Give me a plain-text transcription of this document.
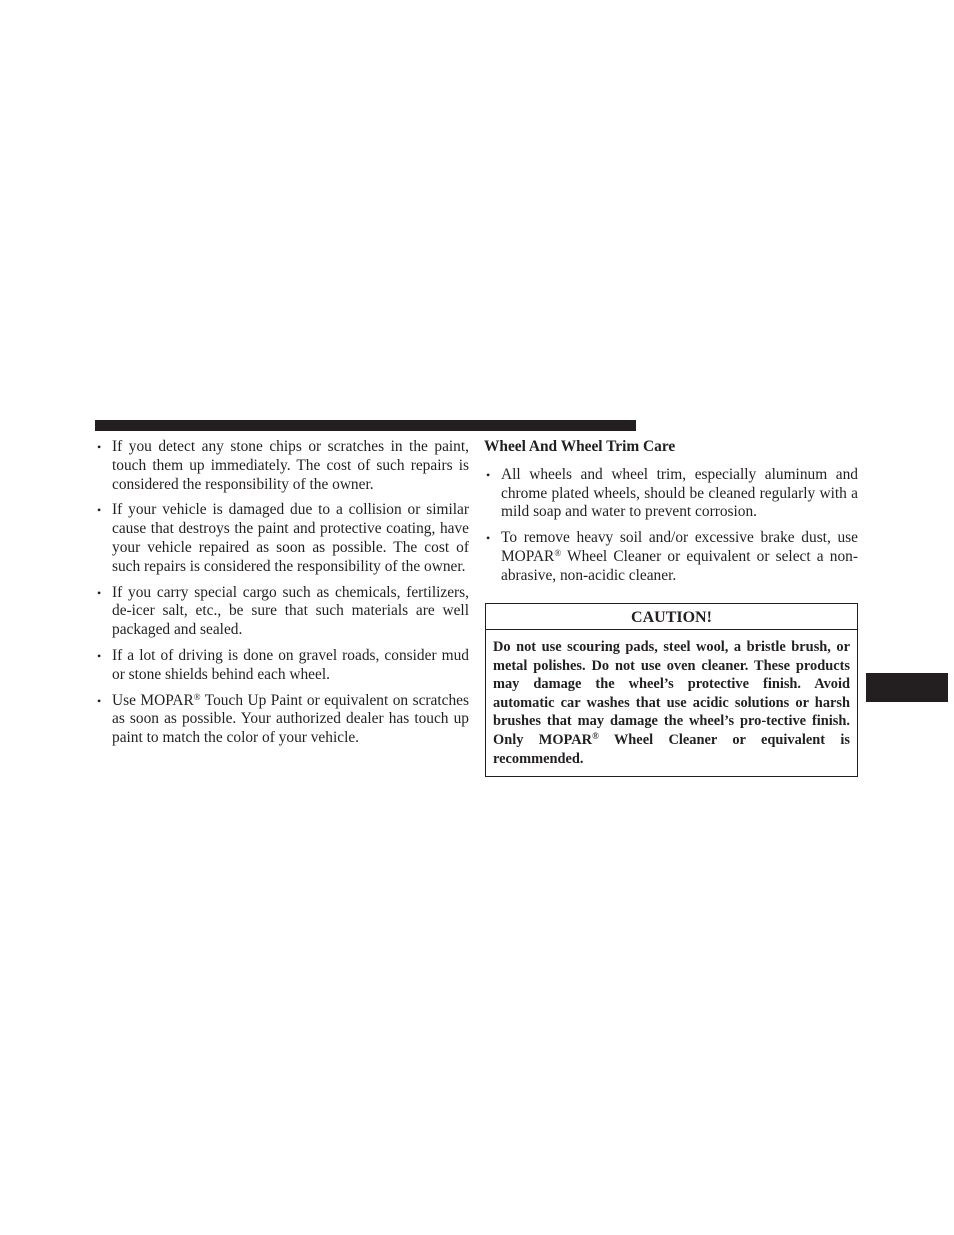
• If you detect any stone chips or scratches in the paint, touch them up immediately. The cost of such repairs is considered the responsibility of the owner.
• If your vehicle is damaged due to a collision or similar cause that destroys the paint and protective coating, have your vehicle repaired as soon as possible. The cost of such repairs is considered the responsibility of the owner.
• If you carry special cargo such as chemicals, fertilizers, de-icer salt, etc., be sure that such materials are well packaged and sealed.
• If a lot of driving is done on gravel roads, consider mud or stone shields behind each wheel.
• Use MOPAR® Touch Up Paint or equivalent on scratches as soon as possible. Your authorized dealer has touch up paint to match the color of your vehicle.
Wheel And Wheel Trim Care
• All wheels and wheel trim, especially aluminum and chrome plated wheels, should be cleaned regularly with a mild soap and water to prevent corrosion.
• To remove heavy soil and/or excessive brake dust, use MOPAR® Wheel Cleaner or equivalent or select a non-abrasive, non-acidic cleaner.
CAUTION!
Do not use scouring pads, steel wool, a bristle brush, or metal polishes. Do not use oven cleaner. These products may damage the wheel’s protective finish. Avoid automatic car washes that use acidic solutions or harsh brushes that may damage the wheel’s pro-tective finish. Only MOPAR® Wheel Cleaner or equivalent is recommended.
